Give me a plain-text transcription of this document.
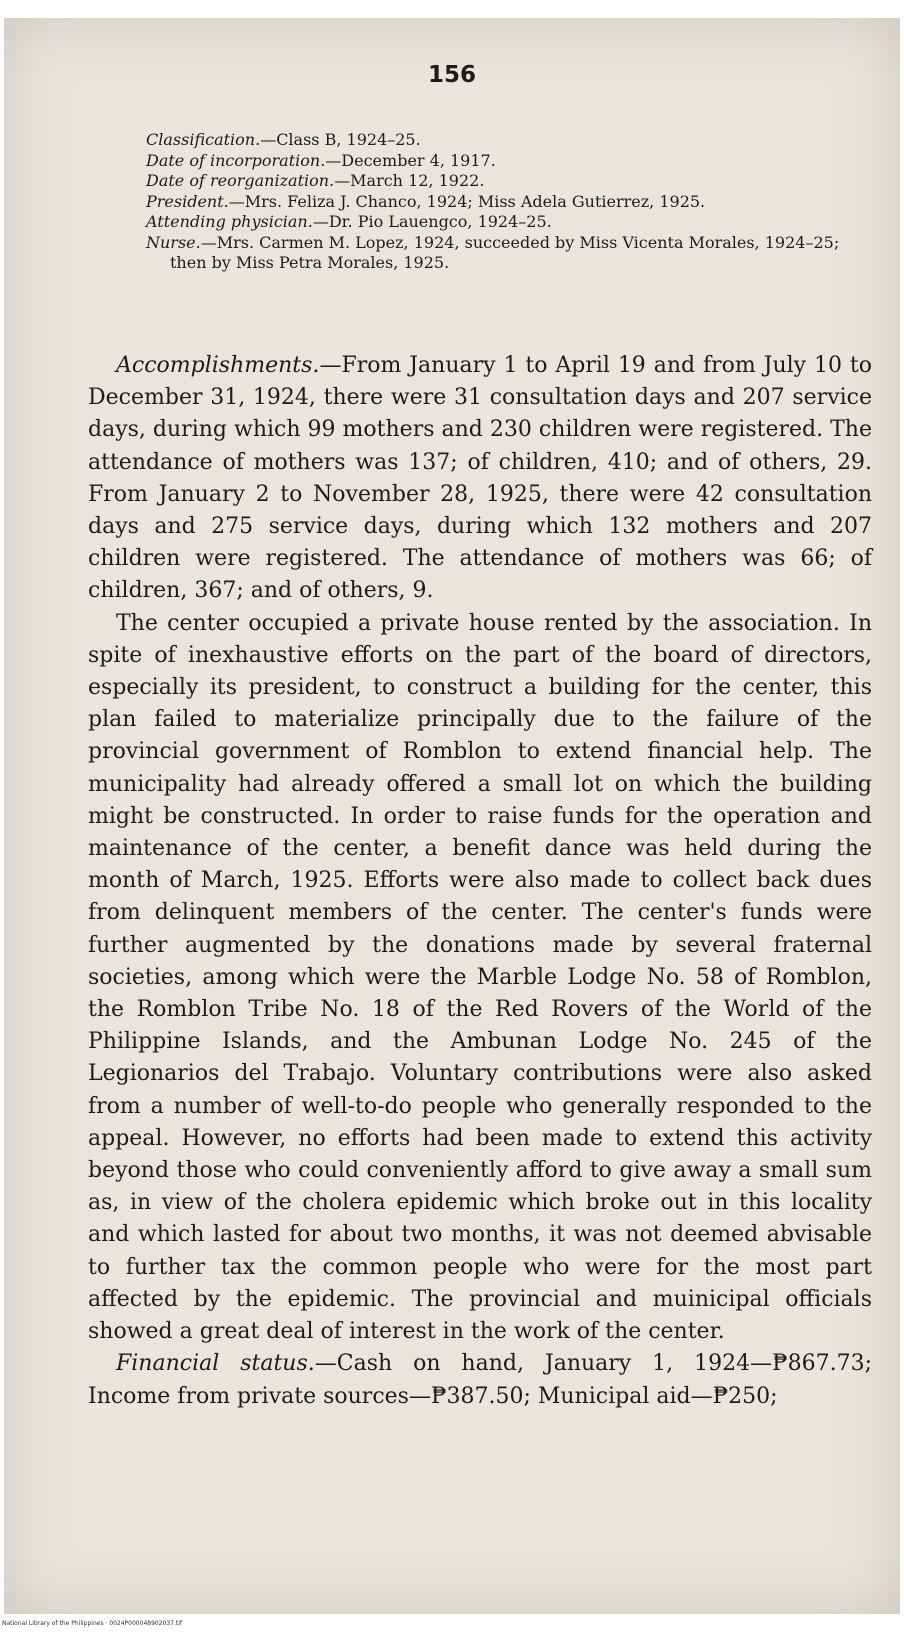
156
Classification.—Class B, 1924–25.
Date of incorporation.—December 4, 1917.
Date of reorganization.—March 12, 1922.
President.—Mrs. Feliza J. Chanco, 1924; Miss Adela Gutierrez, 1925.
Attending physician.—Dr. Pio Lauengco, 1924–25.
Nurse.—Mrs. Carmen M. Lopez, 1924, succeeded by Miss Vicenta Morales, 1924–25; then by Miss Petra Morales, 1925.

Accomplishments.—From January 1 to April 19 and from July 10 to December 31, 1924, there were 31 consultation days and 207 service days, during which 99 mothers and 230 children were registered. The attendance of mothers was 137; of children, 410; and of others, 29. From January 2 to November 28, 1925, there were 42 consultation days and 275 service days, during which 132 mothers and 207 children were registered. The attendance of mothers was 66; of children, 367; and of others, 9.

The center occupied a private house rented by the association. In spite of inexhaustive efforts on the part of the board of directors, especially its president, to construct a building for the center, this plan failed to materialize principally due to the failure of the provincial government of Romblon to extend financial help. The municipality had already offered a small lot on which the building might be constructed. In order to raise funds for the operation and maintenance of the center, a benefit dance was held during the month of March, 1925. Efforts were also made to collect back dues from delinquent members of the center. The center's funds were further augmented by the donations made by several fraternal societies, among which were the Marble Lodge No. 58 of Romblon, the Romblon Tribe No. 18 of the Red Rovers of the World of the Philippine Islands, and the Ambunan Lodge No. 245 of the Legionarios del Trabajo. Voluntary contributions were also asked from a number of well-to-do people who generally responded to the appeal. However, no efforts had been made to extend this activity beyond those who could conveniently afford to give away a small sum as, in view of the cholera epidemic which broke out in this locality and which lasted for about two months, it was not deemed abvisable to further tax the common people who were for the most part affected by the epidemic. The provincial and muinicipal officials showed a great deal of interest in the work of the center.

Financial status.—Cash on hand, January 1, 1924—₱867.73; Income from private sources—₱387.50; Municipal aid—₱250;

National Library of the Philippines · 0024P000048902037.tif
